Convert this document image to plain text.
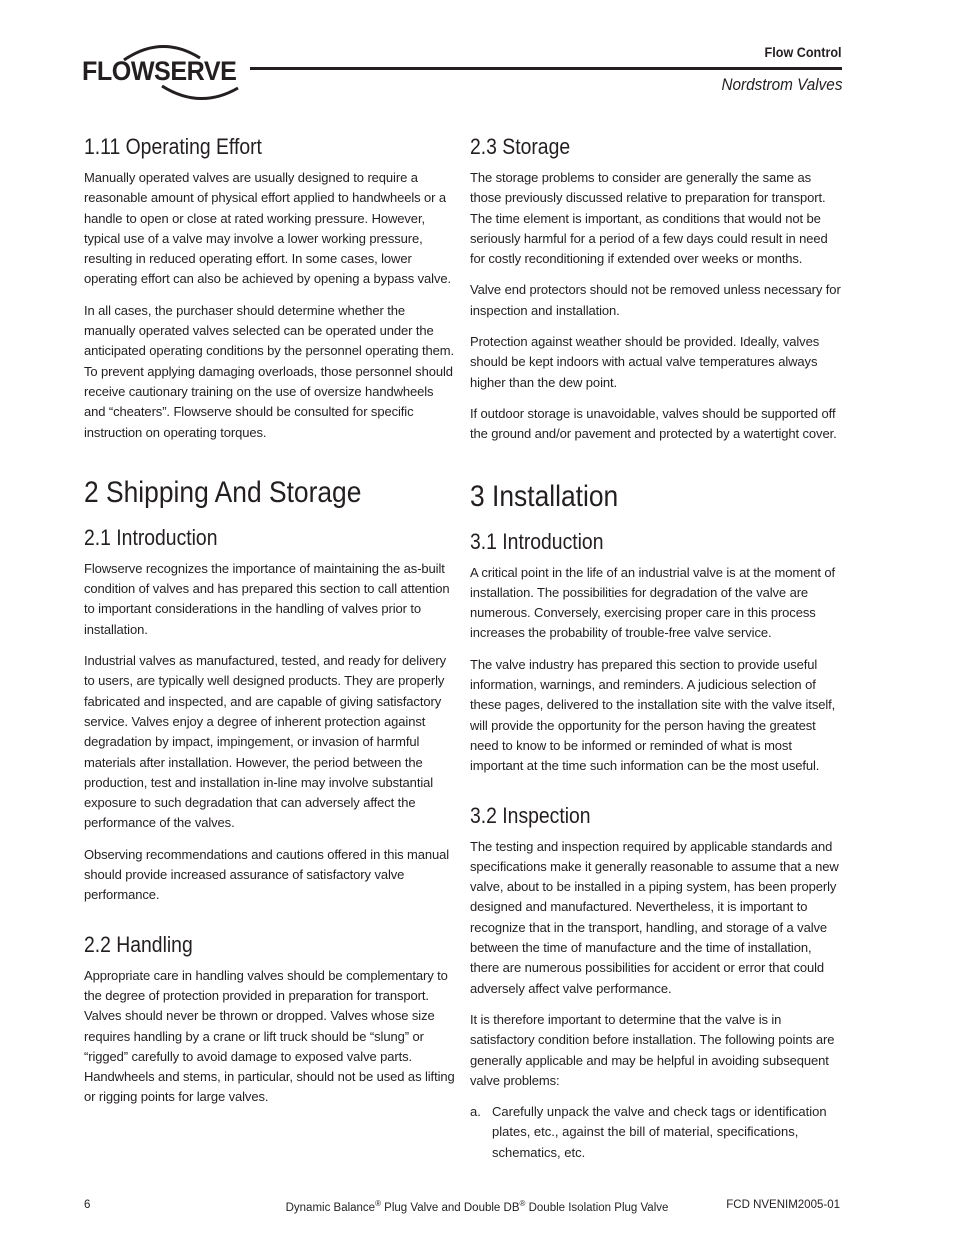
FLOWSERVE
Flow Control
Nordstrom Valves
1.11 Operating Effort

Manually operated valves are usually designed to require a reasonable amount of physical effort applied to handwheels or a handle to open or close at rated working pressure. However, typical use of a valve may involve a lower working pressure, resulting in reduced operating effort. In some cases, lower operating effort can also be achieved by opening a bypass valve.

In all cases, the purchaser should determine whether the manually operated valves selected can be operated under the anticipated operating conditions by the personnel operating them. To prevent applying damaging overloads, those personnel should receive cautionary training on the use of oversize handwheels and “cheaters”. Flowserve should be consulted for specific instruction on operating torques.

2 Shipping And Storage
2.1 Introduction

Flowserve recognizes the importance of maintaining the as-built condition of valves and has prepared this section to call attention to important considerations in the handling of valves prior to installation.

Industrial valves as manufactured, tested, and ready for delivery to users, are typically well designed products. They are properly fabricated and inspected, and are capable of giving satisfactory service. Valves enjoy a degree of inherent protection against degradation by impact, impingement, or invasion of harmful materials after installation. However, the period between the production, test and installation in-line may involve substantial exposure to such degradation that can adversely affect the performance of the valves.

Observing recommendations and cautions offered in this manual should provide increased assurance of satisfactory valve performance.

2.2 Handling

Appropriate care in handling valves should be complementary to the degree of protection provided in preparation for transport. Valves should never be thrown or dropped. Valves whose size requires handling by a crane or lift truck should be “slung” or “rigged” carefully to avoid damage to exposed valve parts. Handwheels and stems, in particular, should not be used as lifting or rigging points for large valves.

2.3 Storage

The storage problems to consider are generally the same as those previously discussed relative to preparation for transport. The time element is important, as conditions that would not be seriously harmful for a period of a few days could result in need for costly reconditioning if extended over weeks or months.

Valve end protectors should not be removed unless necessary for inspection and installation.

Protection against weather should be provided. Ideally, valves should be kept indoors with actual valve temperatures always higher than the dew point.

If outdoor storage is unavoidable, valves should be supported off the ground and/or pavement and protected by a watertight cover.

3 Installation
3.1 Introduction

A critical point in the life of an industrial valve is at the moment of installation. The possibilities for degradation of the valve are numerous. Conversely, exercising proper care in this process increases the probability of trouble-free valve service.

The valve industry has prepared this section to provide useful information, warnings, and reminders. A judicious selection of these pages, delivered to the installation site with the valve itself, will provide the opportunity for the person having the greatest need to know to be informed or reminded of what is most important at the time such information can be the most useful.

3.2 Inspection

The testing and inspection required by applicable standards and specifications make it generally reasonable to assume that a new valve, about to be installed in a piping system, has been properly designed and manufactured. Nevertheless, it is important to recognize that in the transport, handling, and storage of a valve between the time of manufacture and the time of installation, there are numerous possibilities for accident or error that could adversely affect valve performance.

It is therefore important to determine that the valve is in satisfactory condition before installation. The following points are generally applicable and may be helpful in avoiding subsequent valve problems:

a. Carefully unpack the valve and check tags or identification plates, etc., against the bill of material, specifications, schematics, etc.
6	Dynamic Balance® Plug Valve and Double DB® Double Isolation Plug Valve	FCD NVENIM2005-01
